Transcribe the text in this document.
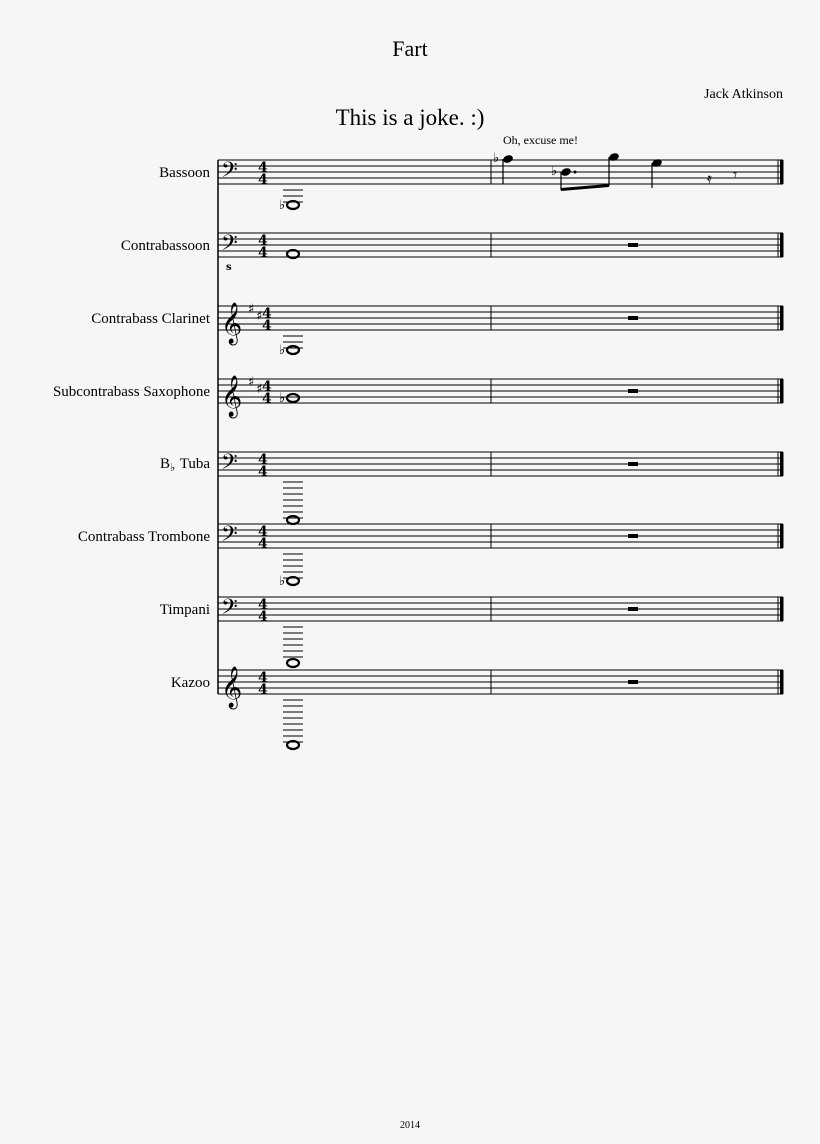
Fart
Jack Atkinson
This is a joke. :)
Oh, excuse me!
Bassoon
Contrabassoon
Contrabass Clarinet
Subcontrabass Saxophone
$B_♭$ Tuba
Contrabass Trombone
Timpani
Kazoo
2014
𝄢 4
4
𝄢 4
4
𝄞 ♯ ♯ 4
4
𝄞 ♯ ♯ 4
4
𝄢 4
4
𝄢 4
4
𝄢 4
4
𝄞 4
4
♭
s
♭
♭
♭
♭
♭	𝄿 𝄾
